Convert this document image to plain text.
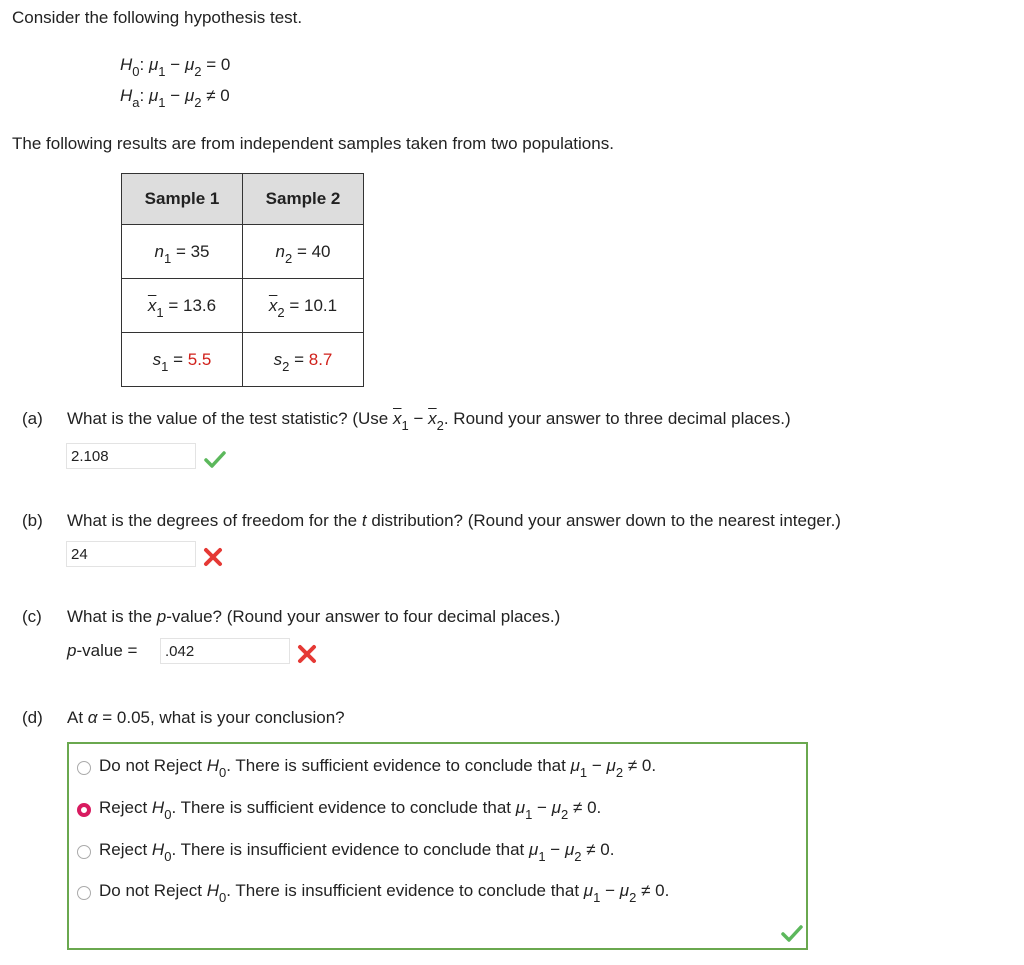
Consider the following hypothesis test.
$H_0$: $\mu_1 - \mu_2 = 0$
$H_a$: $\mu_1 - \mu_2 \ne 0$
The following results are from independent samples taken from two populations.
Sample 1	Sample 2
$n_1 = 35$	$n_2 = 40$
$\overline{x}_1 = 13.6$	$\overline{x}_2 = 10.1$
$s_1 = 5.5$	$s_2 = 8.7$
(a) What is the value of the test statistic? (Use $\overline{x}_1 - \overline{x}_2$. Round your answer to three decimal places.)
2.108
(b) What is the degrees of freedom for the t distribution? (Round your answer down to the nearest integer.)
24
(c) What is the p-value? (Round your answer to four decimal places.)
p-value =	.042
(d) At α = 0.05, what is your conclusion?
Do not Reject $H_0$. There is sufficient evidence to conclude that $\mu_1 - \mu_2 \ne 0$.
Reject $H_0$. There is sufficient evidence to conclude that $\mu_1 - \mu_2 \ne 0$.
Reject $H_0$. There is insufficient evidence to conclude that $\mu_1 - \mu_2 \ne 0$.
Do not Reject $H_0$. There is insufficient evidence to conclude that $\mu_1 - \mu_2 \ne 0$.
